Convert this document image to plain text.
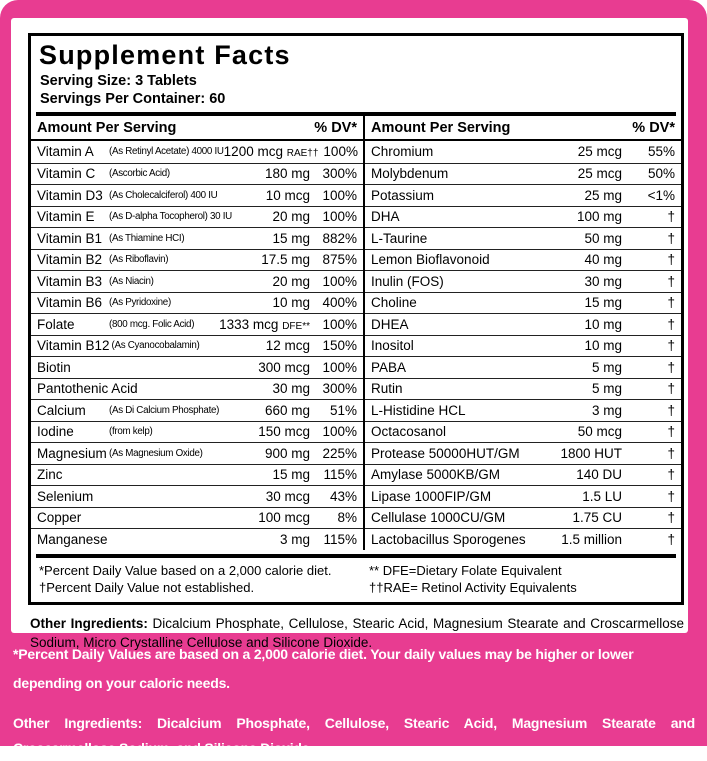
Supplement Facts
Serving Size: 3 Tablets
Servings Per Container: 60
Amount Per Serving	% DV*
Vitamin A	(As Retinyl Acetate) 4000 IU 1200 mcg RAE†† 100%
Vitamin C	(Ascorbic Acid)	180 mg 300%
Vitamin D3 (As Cholecalciferol) 400 IU	10 mcg 100%
Vitamin E	(As D-alpha Tocopherol) 30 IU	20 mg 100%
Vitamin B1 (As Thiamine HCI)	15 mg 882%
Vitamin B2 (As Riboflavin)	17.5 mg 875%
Vitamin B3 (As Niacin)	20 mg 100%
Vitamin B6 (As Pyridoxine)	10 mg 400%
Folate	(800 mcg. Folic Acid)	1333 mcg DFE** 100%
Vitamin B12 (As Cyanocobalamin)	12 mcg 150%
Biotin	300 mcg 100%
Pantothenic Acid	30 mg 300%
Calcium	(As Di Calcium Phosphate)	660 mg	51%
Iodine	(from kelp)	150 mcg 100%
Magnesium (As Magnesium Oxide)	900 mg 225%
Zinc	15 mg 115%
Selenium	30 mcg	43%
Copper	100 mcg	8%
Manganese	3 mg 115%
Amount Per Serving	% DV*
Chromium	25 mcg	55%
Molybdenum	25 mcg	50%
Potassium	25 mg	<1%
DHA	100 mg	†
L-Taurine	50 mg	†
Lemon Bioflavonoid	40 mg	†
Inulin (FOS)	30 mg	†
Choline	15 mg	†
DHEA	10 mg	†
Inositol	10 mg	†
PABA	5 mg	†
Rutin	5 mg	†
L-Histidine HCL	3 mg	†
Octacosanol	50 mcg	†
Protease 50000HUT/GM	1800 HUT	†
Amylase 5000KB/GM	140 DU	†
Lipase 1000FIP/GM	1.5 LU	†
Cellulase 1000CU/GM	1.75 CU	†
Lactobacillus Sporogenes	1.5 million	†
*Percent Daily Value based on a 2,000 calorie diet.
†Percent Daily Value not established.
** DFE=Dietary Folate Equivalent
††RAE= Retinol Activity Equivalents
Other Ingredients: Dicalcium Phosphate, Cellulose, Stearic Acid, Magnesium Stearate and Croscarmellose Sodium, Micro Crystalline Cellulose and Silicone Dioxide.
*Percent Daily Values are based on a 2,000 calorie diet. Your daily values may be higher or lower depending on your caloric needs.
Other Ingredients: Dicalcium Phosphate, Cellulose, Stearic Acid, Magnesium Stearate and Croscarmellose Sodium, and Silicone Dioxide
